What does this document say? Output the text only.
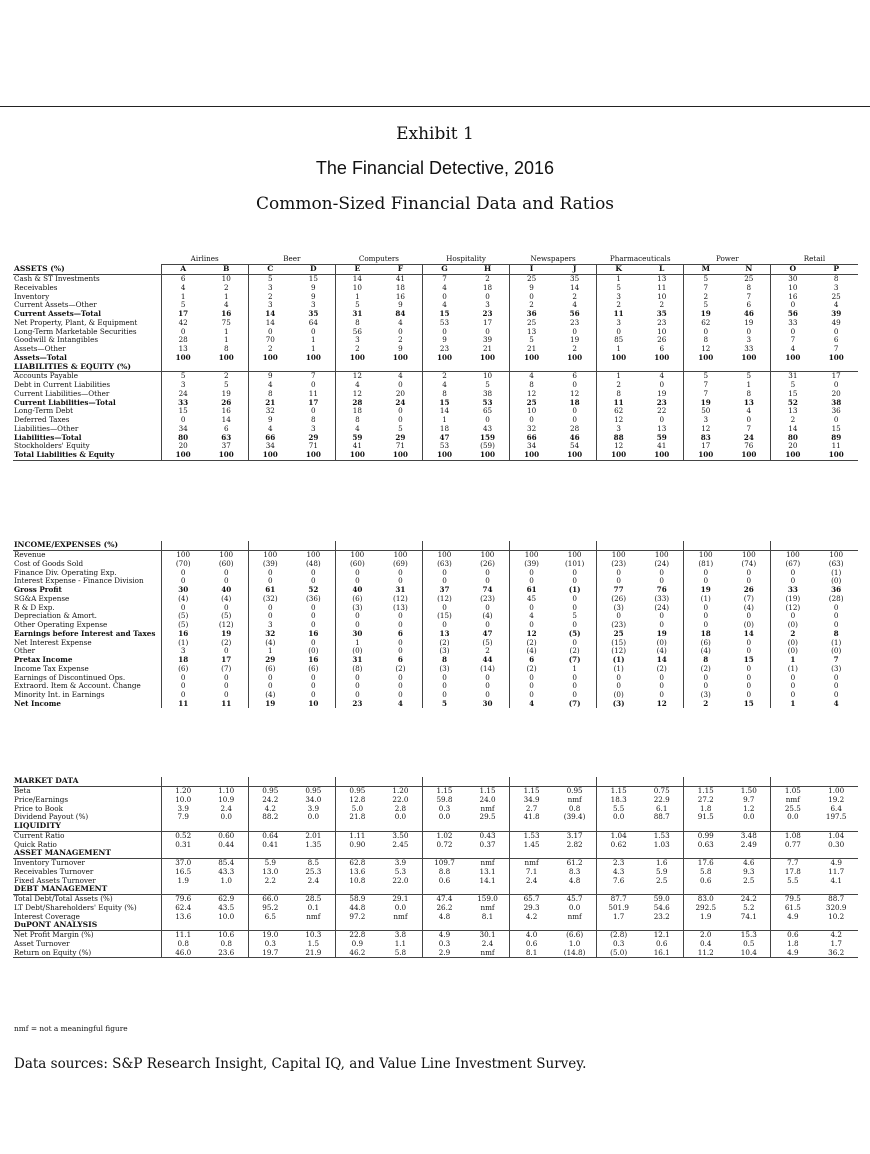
Exhibit 1
The Financial Detective, 2016
Common-Sized Financial Data and Ratios
	Airlines		Beer		Computers		Hospitality		Newspapers		Pharmaceuticals		Power		Retail	
ASSETS (%)	A	B	C	D	E	F	G	H	I	J	K	L	M	N	O	P
Cash & ST Investments	6	10	5	15	14	41	7	2	25	35	1	13	5	25	30	8
Receivables	4	2	3	9	10	18	4	18	9	14	5	11	7	8	10	3
Inventory	1	1	2	9	1	16	0	0	0	2	3	10	2	7	16	25
Current Assets—Other	5	4	3	3	5	9	4	3	2	4	2	2	5	6	0	4
Current Assets—Total	17	16	14	35	31	84	15	23	36	56	11	35	19	46	56	39
Net Property, Plant, & Equipment	42	75	14	64	8	4	53	17	25	23	3	23	62	19	33	49
Long-Term Marketable Securities	0	1	0	0	56	0	0	0	13	0	0	10	0	0	0	0
Goodwill & Intangibles	28	1	70	1	3	2	9	39	5	19	85	26	8	3	7	6
Assets—Other	13	8	2	1	2	9	23	21	21	2	1	6	12	33	4	7
Assets—Total	100	100	100	100	100	100	100	100	100	100	100	100	100	100	100	100
LIABILITIES & EQUITY (%)																
Accounts Payable	5	2	9	7	12	4	2	10	4	6	1	4	5	5	31	17
Debt in Current Liabilities	3	5	4	0	4	0	4	5	8	0	2	0	7	1	5	0
Current Liabilities—Other	24	19	8	11	12	20	8	38	12	12	8	19	7	8	15	20
Current Liabilities—Total	33	26	21	17	28	24	15	53	25	18	11	23	19	13	52	38
Long-Term Debt	15	16	32	0	18	0	14	65	10	0	62	22	50	4	13	36
Deferred Taxes	0	14	9	8	8	0	1	0	0	0	12	0	3	0	2	0
Liabilities—Other	34	6	4	3	4	5	18	43	32	28	3	13	12	7	14	15
Liabilities—Total	80	63	66	29	59	29	47	159	66	46	88	59	83	24	80	89
Stockholders' Equity	20	37	34	71	41	71	53	(59)	34	54	12	41	17	76	20	11
Total Liabilities & Equity	100	100	100	100	100	100	100	100	100	100	100	100	100	100	100	100
INCOME/EXPENSES (%)																
Revenue	100	100	100	100	100	100	100	100	100	100	100	100	100	100	100	100
Cost of Goods Sold	(70)	(60)	(39)	(48)	(60)	(69)	(63)	(26)	(39)	(101)	(23)	(24)	(81)	(74)	(67)	(63)
Finance Div. Operating Exp.	0	0	0	0	0	0	0	0	0	0	0	0	0	0	0	(1)
Interest Expense - Finance Division	0	0	0	0	0	0	0	0	0	0	0	0	0	0	0	(0)
Gross Profit	30	40	61	52	40	31	37	74	61	(1)	77	76	19	26	33	36
SG&A Expense	(4)	(4)	(32)	(36)	(6)	(12)	(12)	(23)	45	0	(26)	(33)	(1)	(7)	(19)	(28)
R & D Exp.	0	0	0	0	(3)	(13)	0	0	0	0	(3)	(24)	0	(4)	(12)	0
Depreciation & Amort.	(5)	(5)	0	0	0	0	(15)	(4)	4	5	0	0	0	0	0	0
Other Operating Expense	(5)	(12)	3	0	0	0	0	0	0	0	(23)	0	0	(0)	(0)	0
Earnings before Interest and Taxes	16	19	32	16	30	6	13	47	12	(5)	25	19	18	14	2	8
Net Interest Expense	(1)	(2)	(4)	0	1	0	(2)	(5)	(2)	0	(15)	(0)	(6)	0	(0)	(1)
Other	3	0	1	(0)	(0)	0	(3)	2	(4)	(2)	(12)	(4)	(4)	0	(0)	(0)
Pretax Income	18	17	29	16	31	6	8	44	6	(7)	(1)	14	8	15	1	7
Income Tax Expense	(6)	(7)	(6)	(6)	(8)	(2)	(3)	(14)	(2)	1	(1)	(2)	(2)	0	(1)	(3)
Earnings of Discontinued Ops.	0	0	0	0	0	0	0	0	0	0	0	0	0	0	0	0
Extraord. Item & Account. Change	0	0	0	0	0	0	0	0	0	0	0	0	0	0	0	0
Minority Int. in Earnings	0	0	(4)	0	0	0	0	0	0	0	(0)	0	(3)	0	0	0
Net Income	11	11	19	10	23	4	5	30	4	(7)	(3)	12	2	15	1	4
MARKET DATA																
Beta	1.20	1.10	0.95	0.95	0.95	1.20	1.15	1.15	1.15	0.95	1.15	0.75	1.15	1.50	1.05	1.00
Price/Earnings	10.0	10.9	24.2	34.0	12.8	22.0	59.8	24.0	34.9	nmf	18.3	22.9	27.2	9.7	nmf	19.2
Price to Book	3.9	2.4	4.2	3.9	5.0	2.8	0.3	nmf	2.7	0.8	5.5	6.1	1.8	1.2	25.5	6.4
Dividend Payout (%)	7.9	0.0	88.2	0.0	21.8	0.0	0.0	29.5	41.8	(39.4)	0.0	88.7	91.5	0.0	0.0	197.5
LIQUIDITY																
Current Ratio	0.52	0.60	0.64	2.01	1.11	3.50	1.02	0.43	1.53	3.17	1.04	1.53	0.99	3.48	1.08	1.04
Quick Ratio	0.31	0.44	0.41	1.35	0.90	2.45	0.72	0.37	1.45	2.82	0.62	1.03	0.63	2.49	0.77	0.30
ASSET MANAGEMENT																
Inventory Turnover	37.0	85.4	5.9	8.5	62.8	3.9	109.7	nmf	nmf	61.2	2.3	1.6	17.6	4.6	7.7	4.9
Receivables Turnover	16.5	43.3	13.0	25.3	13.6	5.3	8.8	13.1	7.1	8.3	4.3	5.9	5.8	9.3	17.8	11.7
Fixed Assets Turnover	1.9	1.0	2.2	2.4	10.8	22.0	0.6	14.1	2.4	4.8	7.6	2.5	0.6	2.5	5.5	4.1
DEBT MANAGEMENT																
Total Debt/Total Assets (%)	79.6	62.9	66.0	28.5	58.9	29.1	47.4	159.0	65.7	45.7	87.7	59.0	83.0	24.2	79.5	88.7
LT Debt/Shareholders' Equity (%)	62.4	43.5	95.2	0.1	44.8	0.0	26.2	nmf	29.3	0.0	501.9	54.6	292.5	5.2	61.5	320.9
Interest Coverage	13.6	10.0	6.5	nmf	97.2	nmf	4.8	8.1	4.2	nmf	1.7	23.2	1.9	74.1	4.9	10.2
DuPONT ANALYSIS																
Net Profit Margin (%)	11.1	10.6	19.0	10.3	22.8	3.8	4.9	30.1	4.0	(6.6)	(2.8)	12.1	2.0	15.3	0.6	4.2
Asset Turnover	0.8	0.8	0.3	1.5	0.9	1.1	0.3	2.4	0.6	1.0	0.3	0.6	0.4	0.5	1.8	1.7
Return on Equity (%)	46.0	23.6	19.7	21.9	46.2	5.8	2.9	nmf	8.1	(14.8)	(5.0)	16.1	11.2	10.4	4.9	36.2
nmf = not a meaningful figure
Data sources: S&P Research Insight, Capital IQ, and Value Line Investment Survey.
